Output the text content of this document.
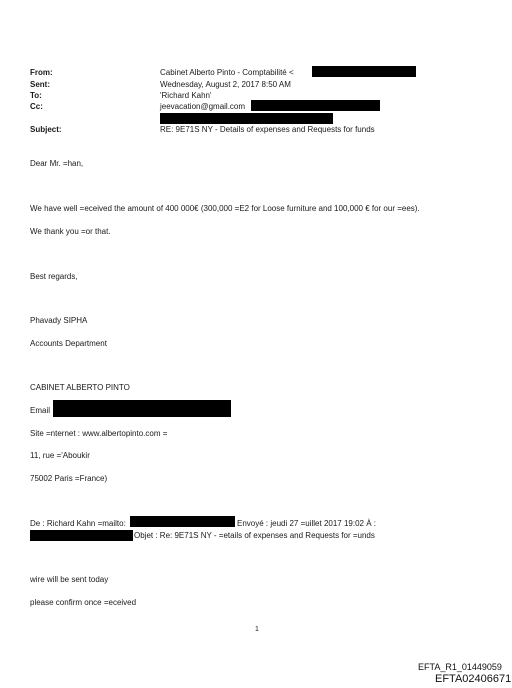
From:	Cabinet Alberto Pinto - Comptabilité <
Sent:	Wednesday, August 2, 2017 8:50 AM
To:	'Richard Kahn'
Cc:	jeevacation@gmail.com
Subject:	RE: 9E71S NY - Details of expenses and Requests for funds
Dear Mr. =han,
We have well =eceived the amount of 400 000€ (300,000 =E2 for Loose furniture and 100,000 € for our =ees).
We thank you =or that.
Best regards,
Phavady SIPHA
Accounts Department
CABINET ALBERTO PINTO
Email
Site =nternet : www.albertopinto.com =
11, rue ='Aboukir
75002 Paris =France)
De : Richard Kahn =mailto:	Envoyé : jeudi 27 =uillet 2017 19:02 À :
Objet : Re: 9E71S NY - =etails of expenses and Requests for =unds
wire will be sent today
please confirm once =eceived
1
EFTA_R1_01449059
EFTA02406671
